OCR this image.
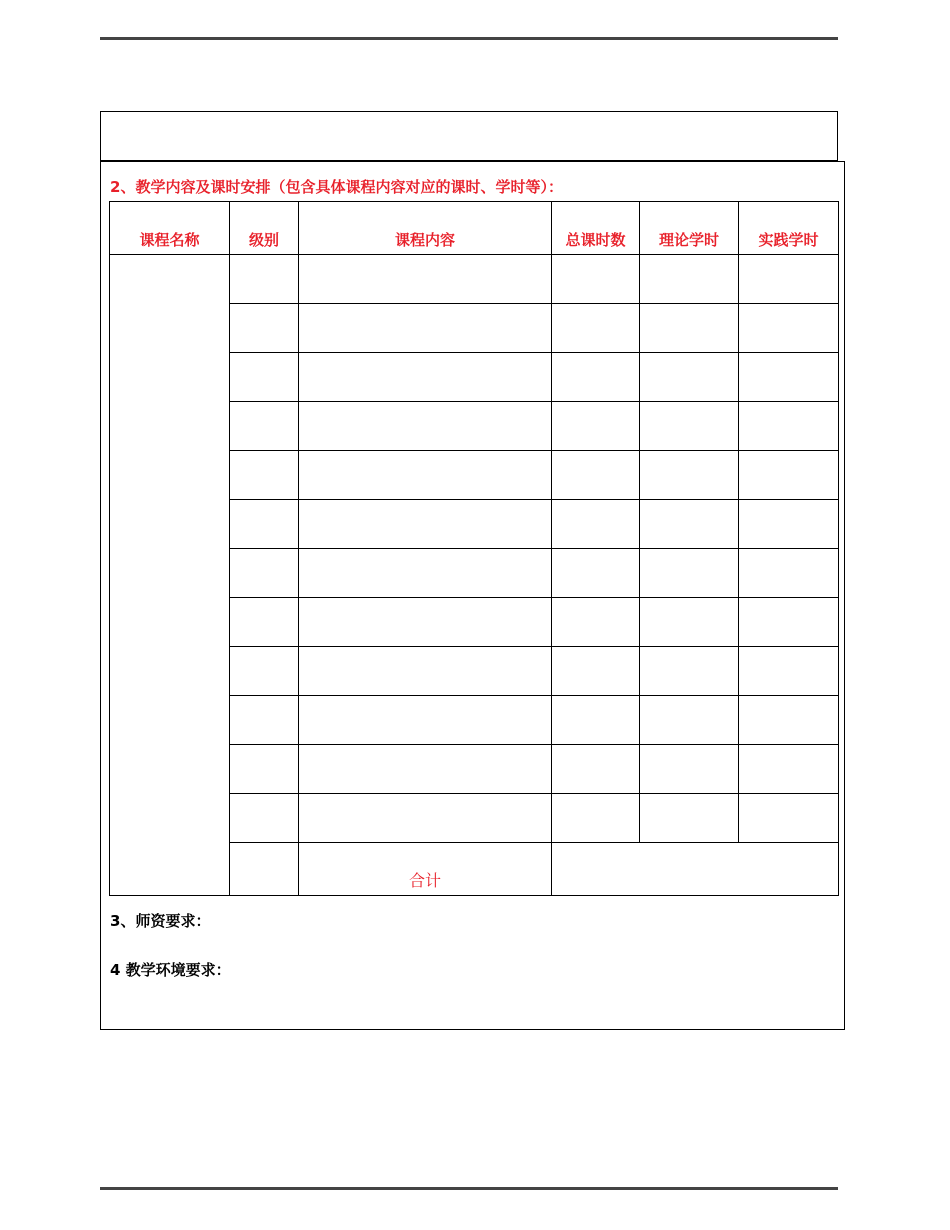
2、教学内容及课时安排（包含具体课程内容对应的课时、学时等）：
课程名称	级别	课程内容	总课时数	理论学时	实践学时

		合计			
3、师资要求：
4 教学环境要求：
